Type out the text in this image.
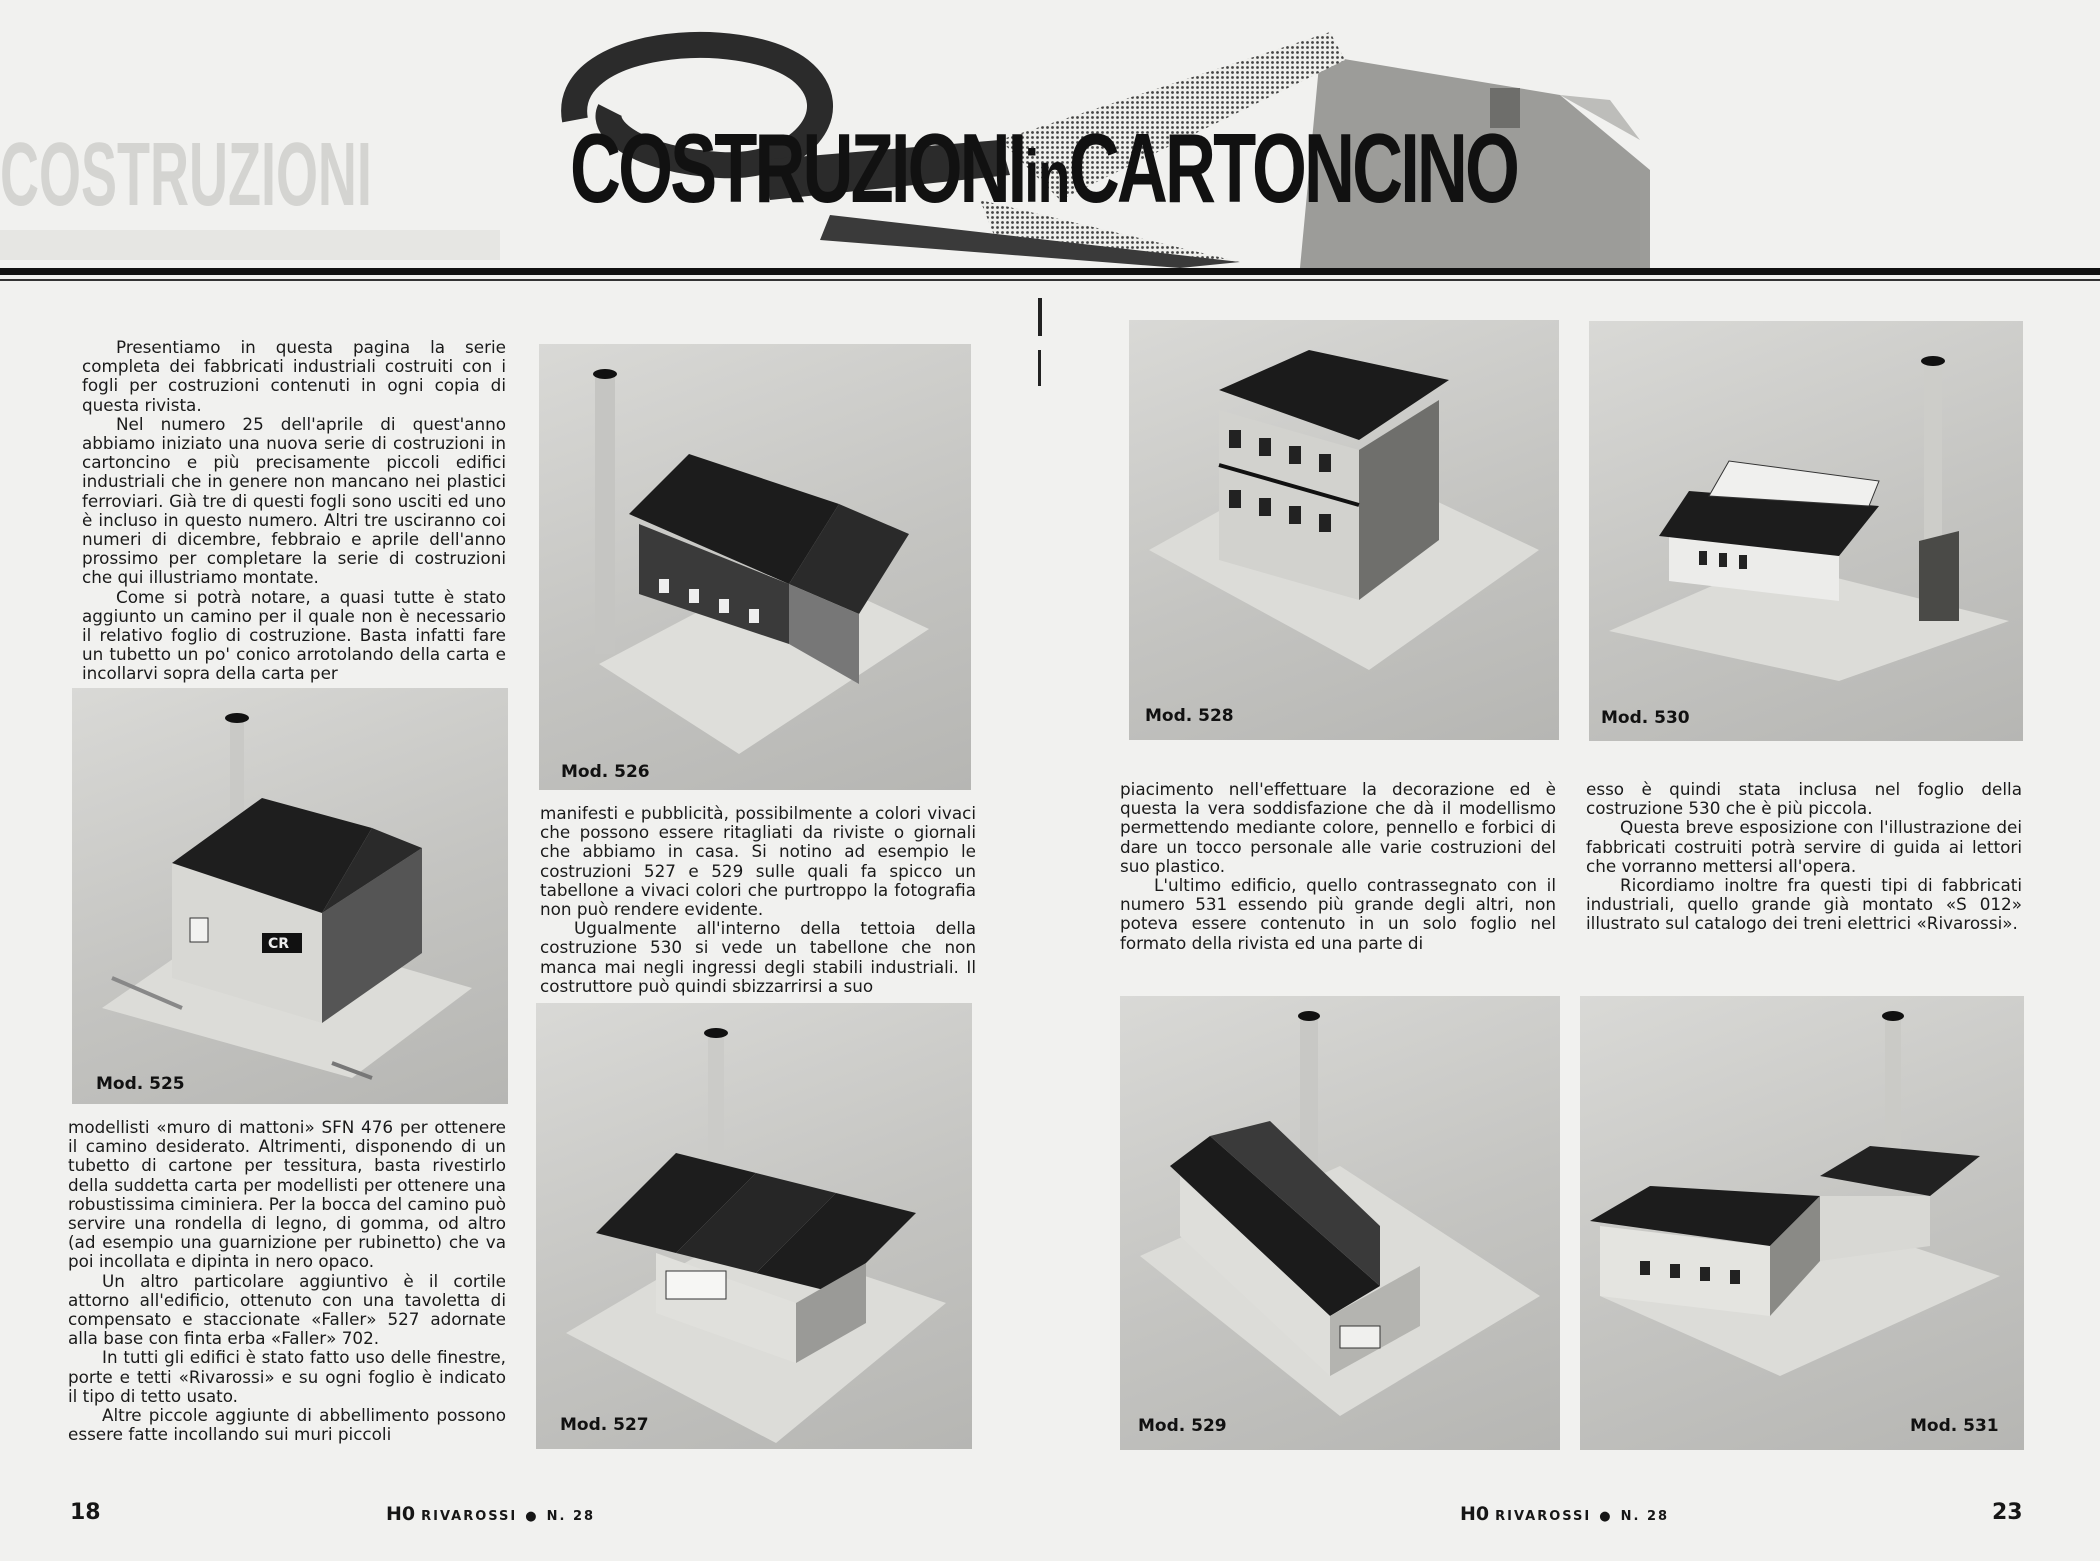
COSTRUZIONI COSTRUZIONIinCARTONCINO

Presentiamo in questa pagina la serie completa dei fabbricati industriali costruiti con i fogli per costruzioni contenuti in ogni copia di questa rivista.

Nel numero 25 dell'aprile di quest'anno abbiamo iniziato una nuova serie di costruzioni in cartoncino e più precisamente piccoli edifici industriali che in genere non mancano nei plastici ferroviari. Già tre di questi fogli sono usciti ed uno è incluso in questo numero. Altri tre usciranno coi numeri di dicembre, febbraio e aprile dell'anno prossimo per completare la serie di costruzioni che qui illustriamo montate.

Come si potrà notare, a quasi tutte è stato aggiunto un camino per il quale non è necessario il relativo foglio di costruzione. Basta infatti fare un tubetto un po' conico arrotolando della carta e incollarvi sopra della carta per

CR
Mod. 525

modellisti «muro di mattoni» SFN 476 per ottenere il camino desiderato. Altrimenti, disponendo di un tubetto di cartone per tessitura, basta rivestirlo della suddetta carta per modellisti per ottenere una robustissima ciminiera. Per la bocca del camino può servire una rondella di legno, di gomma, od altro (ad esempio una guarnizione per rubinetto) che va poi incollata e dipinta in nero opaco.

Un altro particolare aggiuntivo è il cortile attorno all'edificio, ottenuto con una tavoletta di compensato e staccionate «Faller» 527 adornate alla base con finta erba «Faller» 702.

In tutti gli edifici è stato fatto uso delle finestre, porte e tetti «Rivarossi» e su ogni foglio è indicato il tipo di tetto usato.

Altre piccole aggiunte di abbellimento possono essere fatte incollando sui muri piccoli

Mod. 526

manifesti e pubblicità, possibilmente a colori vivaci che possono essere ritagliati da riviste o giornali che abbiamo in casa. Si notino ad esempio le costruzioni 527 e 529 sulle quali fa spicco un tabellone a vivaci colori che purtroppo la fotografia non può rendere evidente.

Ugualmente all'interno della tettoia della costruzione 530 si vede un tabellone che non manca mai negli ingressi degli stabili industriali. Il costruttore può quindi sbizzarrirsi a suo

Mod. 527
18	H0 RIVAROSSI ● N. 28
Mod. 528	Mod. 530

piacimento nell'effettuare la decorazione ed è questa la vera soddisfazione che dà il modellismo permettendo mediante colore, pennello e forbici di dare un tocco personale alle varie costruzioni del suo plastico.

L'ultimo edificio, quello contrassegnato con il numero 531 essendo più grande degli altri, non poteva essere contenuto in un solo foglio nel formato della rivista ed una parte di

esso è quindi stata inclusa nel foglio della costruzione 530 che è più piccola.

Questa breve esposizione con l'illustrazione dei fabbricati costruiti potrà servire di guida ai lettori che vorranno mettersi all'opera.

Ricordiamo inoltre fra questi tipi di fabbricati industriali, quello grande già montato «S 012» illustrato sul catalogo dei treni elettrici «Rivarossi».

Mod. 529	Mod. 531
H0 RIVAROSSI ● N. 28	23
